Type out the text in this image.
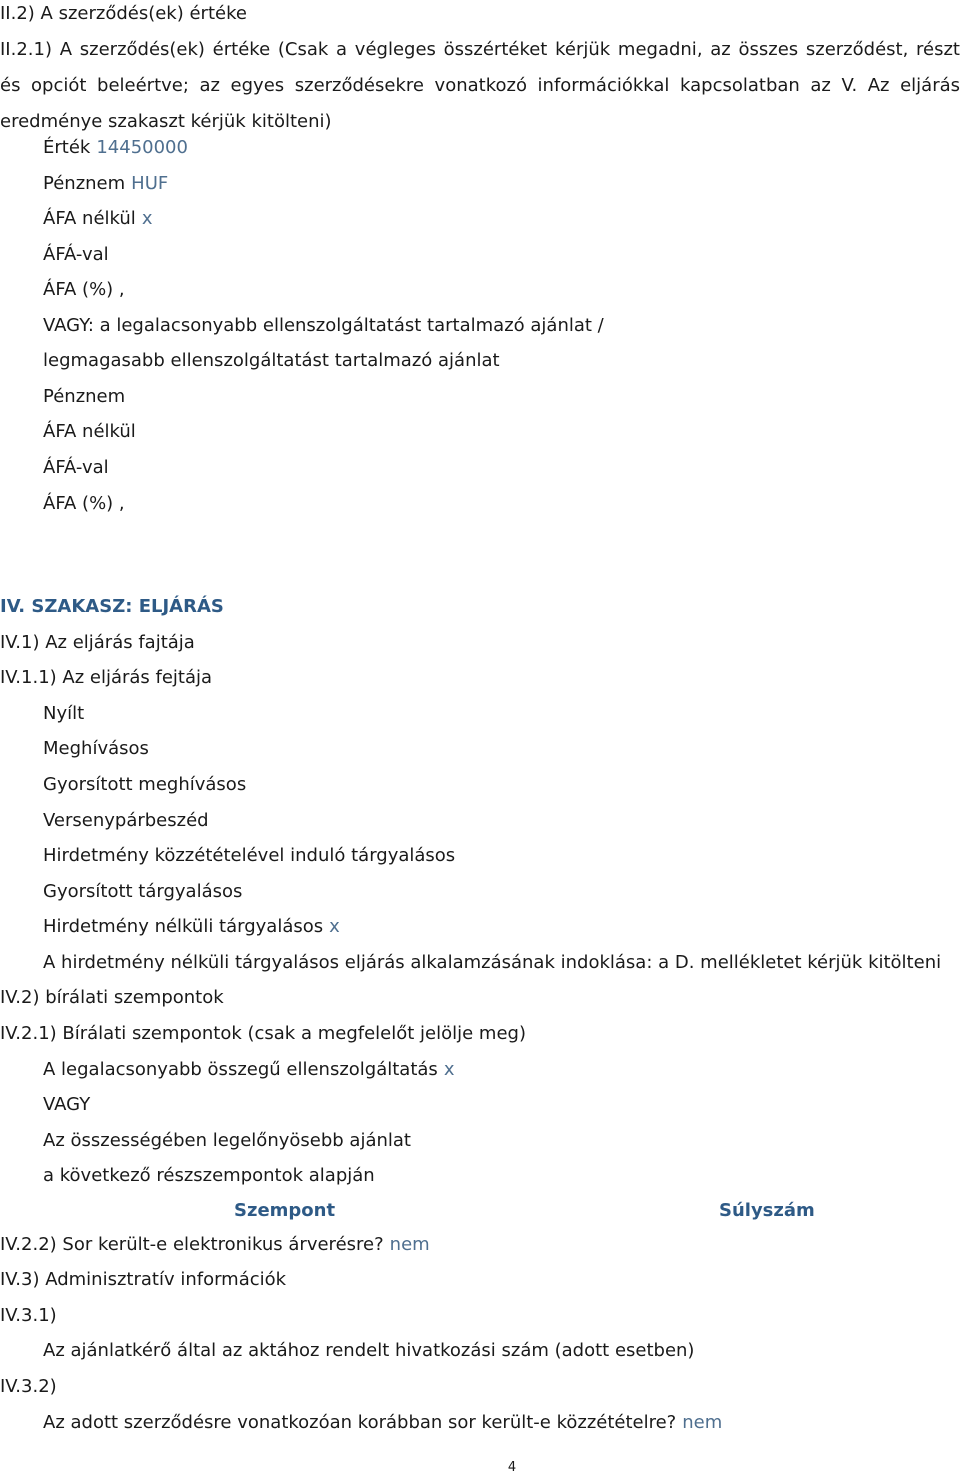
II.2) A szerződés(ek) értéke
II.2.1) A szerződés(ek) értéke (Csak a végleges összértéket kérjük megadni, az összes szerződést, részt és opciót beleértve; az egyes szerződésekre vonatkozó információkkal kapcsolatban az V. Az eljárás eredménye szakaszt kérjük kitölteni)
Érték 14450000
Pénznem HUF
ÁFA nélkül x
ÁFÁ-val
ÁFA (%) ,
VAGY: a legalacsonyabb ellenszolgáltatást tartalmazó ajánlat /
legmagasabb ellenszolgáltatást tartalmazó ajánlat
Pénznem
ÁFA nélkül
ÁFÁ-val
ÁFA (%) ,
IV. SZAKASZ: ELJÁRÁS
IV.1) Az eljárás fajtája
IV.1.1) Az eljárás fejtája
Nyílt
Meghívásos
Gyorsított meghívásos
Versenypárbeszéd
Hirdetmény közzétételével induló tárgyalásos
Gyorsított tárgyalásos
Hirdetmény nélküli tárgyalásos x
A hirdetmény nélküli tárgyalásos eljárás alkalamzásának indoklása: a D. mellékletet kérjük kitölteni
IV.2) bírálati szempontok
IV.2.1) Bírálati szempontok (csak a megfelelőt jelölje meg)
A legalacsonyabb összegű ellenszolgáltatás x
VAGY
Az összességében legelőnyösebb ajánlat
a következő részszempontok alapján
Szempont	Súlyszám
IV.2.2) Sor került-e elektronikus árverésre? nem
IV.3) Adminisztratív információk
IV.3.1)
Az ajánlatkérő által az aktához rendelt hivatkozási szám (adott esetben)
IV.3.2)
Az adott szerződésre vonatkozóan korábban sor került-e közzétételre? nem
4
